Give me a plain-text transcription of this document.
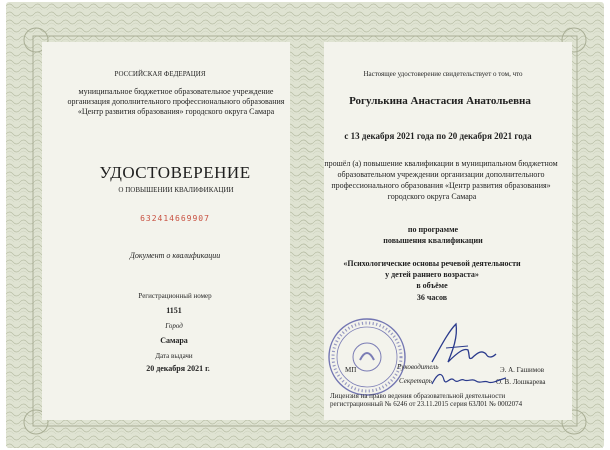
РОССИЙСКАЯ ФЕДЕРАЦИЯ
муниципальное бюджетное образовательное учреждение
организация дополнительного профессионального образования
«Центр развития образования» городского округа Самара
УДОСТОВЕРЕНИЕ
О ПОВЫШЕНИИ КВАЛИФИКАЦИИ
632414669907
Документ о квалификации
Регистрационный номер
1151
Город
Самара
Дата выдачи
20 декабря 2021 г.
Настоящее удостоверение свидетельствует о том, что
Рогулькина Анастасия Анатольевна
с 13 декабря 2021 года по 20 декабря 2021 года
прошёл (а) повышение квалификации в муниципальном бюджетном
образовательном учреждении организации дополнительного
профессионального образования «Центр развития образования»
городского округа Самара
по программе
повышения квалификации
«Психологические основы речевой деятельности
у детей раннего возраста»
в объёме
36 часов
МП	Руководитель	Э. А. Гашимов
Секретарь	О. В. Лошкарева
Лицензия на право ведения образовательной деятельности
регистрационный № 6246 от 23.11.2015 серия 63Л01 № 0002074
